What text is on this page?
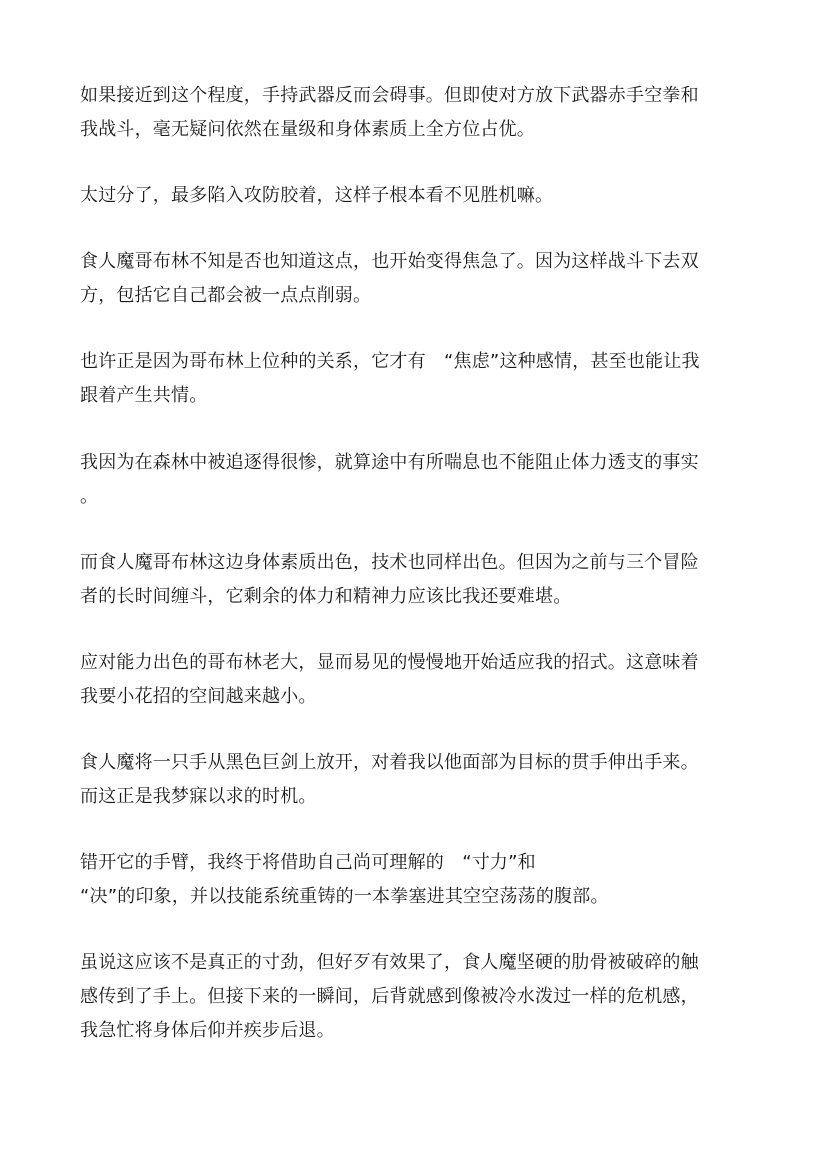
如果接近到这个程度，手持武器反而会碍事。但即使对方放下武器赤手空拳和
我战斗，毫无疑问依然在量级和身体素质上全方位占优。

太过分了，最多陷入攻防胶着，这样子根本看不见胜机嘛。

食人魔哥布林不知是否也知道这点，也开始变得焦急了。因为这样战斗下去双
方，包括它自己都会被一点点削弱。

也许正是因为哥布林上位种的关系，它才有　“焦虑”这种感情，甚至也能让我
跟着产生共情。

我因为在森林中被追逐得很惨，就算途中有所喘息也不能阻止体力透支的事实
。

而食人魔哥布林这边身体素质出色，技术也同样出色。但因为之前与三个冒险
者的长时间缠斗，它剩余的体力和精神力应该比我还要难堪。

应对能力出色的哥布林老大，显而易见的慢慢地开始适应我的招式。这意味着
我要小花招的空间越来越小。

食人魔将一只手从黑色巨剑上放开，对着我以他面部为目标的贯手伸出手来。
而这正是我梦寐以求的时机。

错开它的手臂，我终于将借助自己尚可理解的　“寸力”和
“决”的印象，并以技能系统重铸的一本拳塞进其空空荡荡的腹部。

虽说这应该不是真正的寸劲，但好歹有效果了，食人魔坚硬的肋骨被破碎的触
感传到了手上。但接下来的一瞬间，后背就感到像被冷水泼过一样的危机感，
我急忙将身体后仰并疾步后退。
